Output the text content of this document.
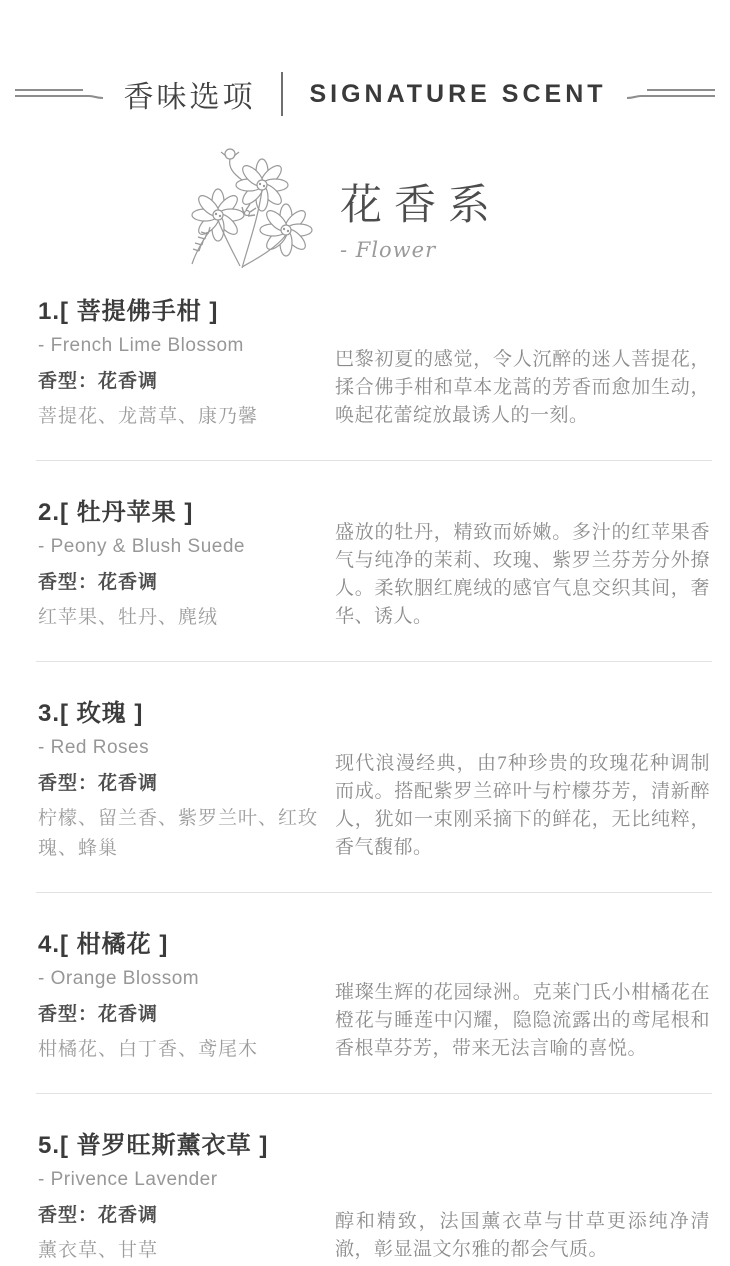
香味选项 SIGNATURE SCENT
花香系
- Flower
1.[ 菩提佛手柑 ]
- French Lime Blossom
香型：花香调
菩提花、龙蒿草、康乃馨
巴黎初夏的感觉，令人沉醉的迷人菩提花，揉合佛手柑和草本龙蒿的芳香而愈加生动，唤起花蕾绽放最诱人的一刻。
2.[ 牡丹苹果 ]
- Peony & Blush Suede
香型：花香调
红苹果、牡丹、麂绒
盛放的牡丹，精致而娇嫩。多汁的红苹果香气与纯净的茉莉、玫瑰、紫罗兰芬芳分外撩人。柔软胭红麂绒的感官气息交织其间，奢华、诱人。
3.[ 玫瑰 ]
- Red Roses
香型：花香调
柠檬、留兰香、紫罗兰叶、红玫瑰、蜂巢
现代浪漫经典，由7种珍贵的玫瑰花种调制而成。搭配紫罗兰碎叶与柠檬芬芳，清新醉人，犹如一束刚采摘下的鲜花，无比纯粹，香气馥郁。
4.[ 柑橘花 ]
- Orange Blossom
香型：花香调
柑橘花、白丁香、鸢尾木
璀璨生辉的花园绿洲。克莱门氏小柑橘花在橙花与睡莲中闪耀，隐隐流露出的鸢尾根和香根草芬芳，带来无法言喻的喜悦。
5.[ 普罗旺斯薰衣草 ]
- Privence Lavender
香型：花香调
薰衣草、甘草
醇和精致，法国薰衣草与甘草更添纯净清澈，彰显温文尔雅的都会气质。
